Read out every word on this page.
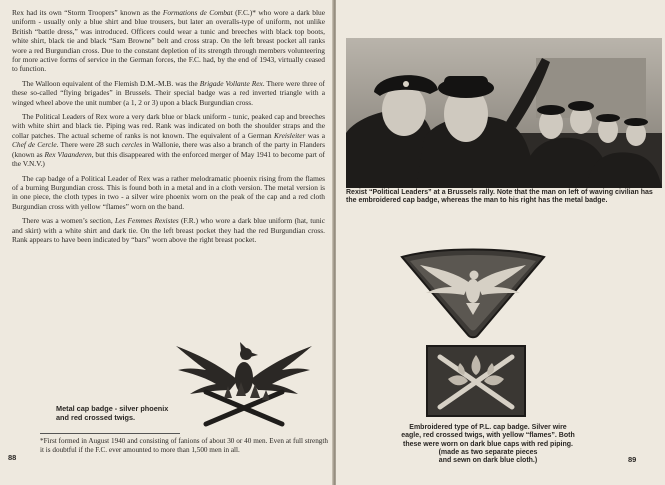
Rex had its own “Storm Troopers” known as the Formations de Combat (F.C.)* who wore a dark blue uniform - usually only a blue shirt and blue trousers, but later an overalls-type of uniform, not unlike British “battle dress,” was introduced. Officers could wear a tunic and breeches with black top boots, white shirt, black tie and black “Sam Browne” belt and cross strap. On the left breast pocket all ranks wore a red Burgundian cross. Due to the constant depletion of its strength through members volunteering for more active forms of service in the German forces, the F.C. had, by the end of 1943, virtually ceased to function.

The Walloon equivalent of the Flemish D.M.-M.B. was the Brigade Vollante Rex. There were three of these so-called “flying brigades” in Brussels. Their special badge was a red inverted triangle with a winged wheel above the unit number (a 1, 2 or 3) upon a black Burgundian cross.

The Political Leaders of Rex wore a very dark blue or black uniform - tunic, peaked cap and breeches with white shirt and black tie. Piping was red. Rank was indicated on both the shoulder straps and the collar patches. The actual scheme of ranks is not known. The equivalent of a German Kreisleiter was a Chef de Cercle. There were 28 such cercles in Wallonie, there was also a branch of the party in Flanders (known as Rex Vlaanderen, but this disappeared with the enforced merger of May 1941 to become part of the V.N.V.)

The cap badge of a Political Leader of Rex was a rather melodramatic phoenix rising from the flames of a burning Burgundian cross. This is found both in a metal and in a cloth version. The metal version is in one piece, the cloth types in two - a silver wire phoenix worn on the peak of the cap and a red cloth Burgundian cross with yellow “flames” worn on the band.

There was a women’s section, Les Femmes Rexistes (F.R.) who wore a dark blue uniform (hat, tunic and skirt) with a white shirt and dark tie. On the left breast pocket they had the red Burgundian cross. Rank appears to have been indicated by “bars” worn above the right breast pocket.

Metal cap badge - silver phoenix
and red crossed twigs.
*First formed in August 1940 and consisting of fanions of about 30 or 40 men. Even at full strength it is doubtful if the F.C. ever amounted to more than 1,500 men in all.
88
Rexist “Political Leaders” at a Brussels rally. Note that the man on left of waving civilian has the embroidered cap badge, whereas the man to his right has the metal badge.
Embroidered type of P.L. cap badge. Silver wire
eagle, red crossed twigs, with yellow “flames”. Both
these were worn on dark blue caps with red piping.
(made as two separate pieces
and sewn on dark blue cloth.)	89
